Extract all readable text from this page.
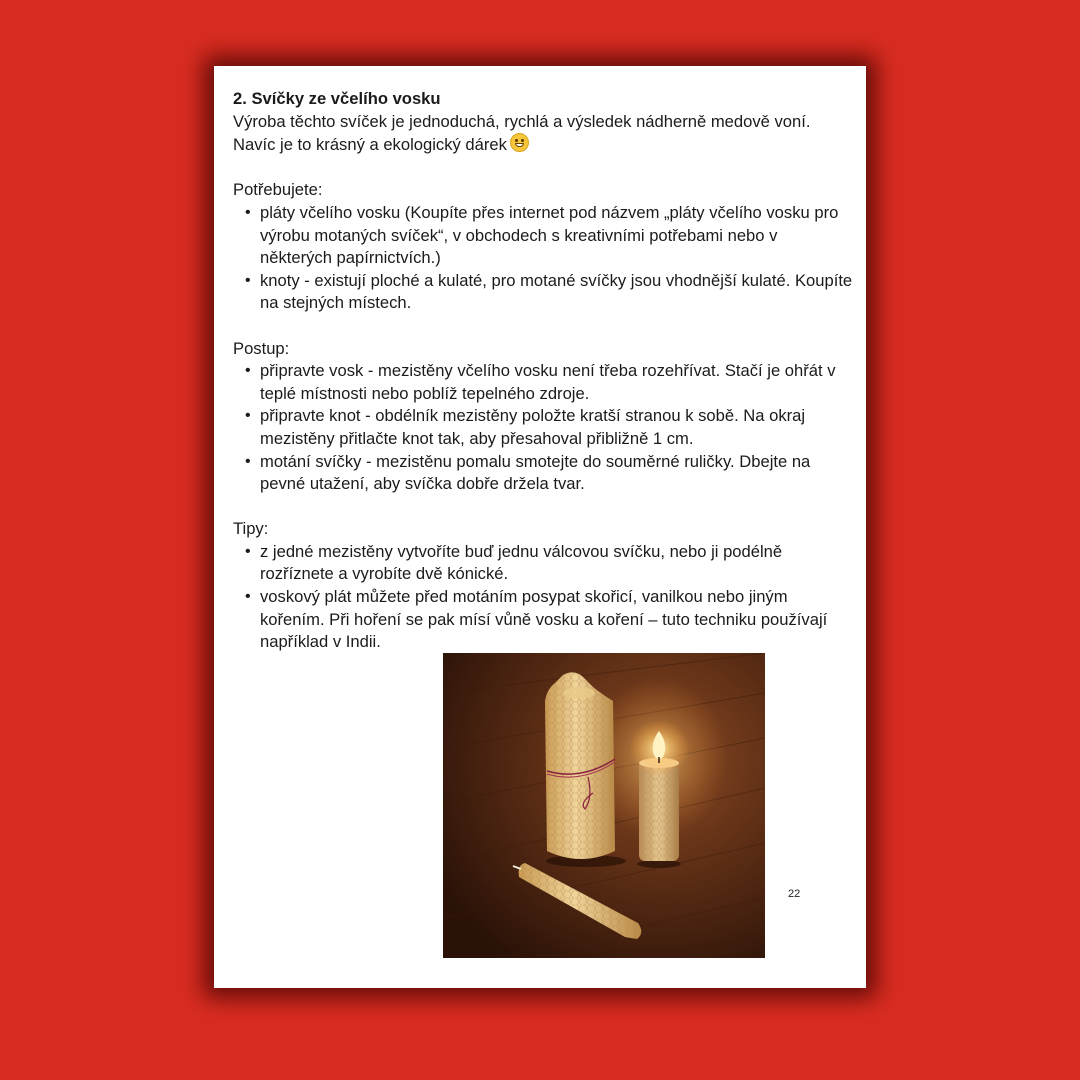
2. Svíčky ze včelího vosku

Výroba těchto svíček je jednoduchá, rychlá a výsledek nádherně medově voní.

Navíc je to krásný a ekologický dárek

Potřebujete:

• pláty včelího vosku (Koupíte přes internet pod názvem „pláty včelího vosku pro výrobu motaných svíček“, v obchodech s kreativními potřebami nebo v některých papírnictvích.)
• knoty - existují ploché a kulaté, pro motané svíčky jsou vhodnější kulaté. Koupíte na stejných místech.

Postup:

• připravte vosk - mezistěny včelího vosku není třeba rozehřívat. Stačí je ohřát v teplé místnosti nebo poblíž tepelného zdroje.
• připravte knot - obdélník mezistěny položte kratší stranou k sobě. Na okraj mezistěny přitlačte knot tak, aby přesahoval přibližně 1 cm.
• motání svíčky - mezistěnu pomalu smotejte do souměrné ruličky. Dbejte na pevné utažení, aby svíčka dobře držela tvar.

Tipy:

• z jedné mezistěny vytvoříte buď jednu válcovou svíčku, nebo ji podélně rozříznete a vyrobíte dvě kónické.
• voskový plát můžete před motáním posypat skořicí, vanilkou nebo jiným kořením. Při hoření se pak mísí vůně vosku a koření – tuto techniku používají například v Indii.
22
